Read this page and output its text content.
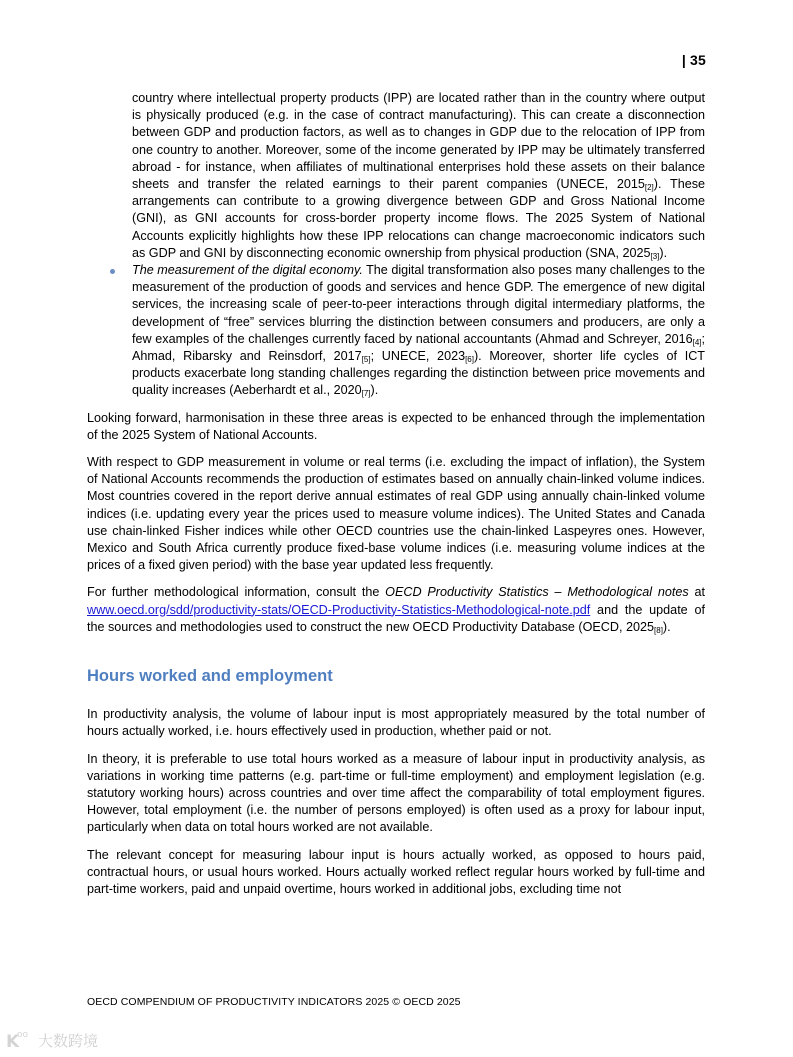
| 35

country where intellectual property products (IPP) are located rather than in the country where output is physically produced (e.g. in the case of contract manufacturing). This can create a disconnection between GDP and production factors, as well as to changes in GDP due to the relocation of IPP from one country to another. Moreover, some of the income generated by IPP may be ultimately transferred abroad - for instance, when affiliates of multinational enterprises hold these assets on their balance sheets and transfer the related earnings to their parent companies (UNECE, $2015_{[2]}$). These arrangements can contribute to a growing divergence between GDP and Gross National Income (GNI), as GNI accounts for cross-border property income flows. The 2025 System of National Accounts explicitly highlights how these IPP relocations can change macroeconomic indicators such as GDP and GNI by disconnecting economic ownership from physical production (SNA, $2025_{[3]}$).

The measurement of the digital economy. The digital transformation also poses many challenges to the measurement of the production of goods and services and hence GDP. The emergence of new digital services, the increasing scale of peer-to-peer interactions through digital intermediary platforms, the development of “free” services blurring the distinction between consumers and producers, are only a few examples of the challenges currently faced by national accountants (Ahmad and Schreyer, $2016_{[4]}$; Ahmad, Ribarsky and Reinsdorf, $2017_{[5]}$; UNECE, $2023_{[6]}$). Moreover, shorter life cycles of ICT products exacerbate long standing challenges regarding the distinction between price movements and quality increases (Aeberhardt et al., $2020_{[7]}$).

Looking forward, harmonisation in these three areas is expected to be enhanced through the implementation of the 2025 System of National Accounts.

With respect to GDP measurement in volume or real terms (i.e. excluding the impact of inflation), the System of National Accounts recommends the production of estimates based on annually chain-linked volume indices. Most countries covered in the report derive annual estimates of real GDP using annually chain-linked volume indices (i.e. updating every year the prices used to measure volume indices). The United States and Canada use chain-linked Fisher indices while other OECD countries use the chain-linked Laspeyres ones. However, Mexico and South Africa currently produce fixed-base volume indices (i.e. measuring volume indices at the prices of a fixed given period) with the base year updated less frequently.

For further methodological information, consult the OECD Productivity Statistics – Methodological notes at www.oecd.org/sdd/productivity-stats/OECD-Productivity-Statistics-Methodological-note.pdf and the update of the sources and methodologies used to construct the new OECD Productivity Database (OECD, $2025_{[8]}$).

Hours worked and employment

In productivity analysis, the volume of labour input is most appropriately measured by the total number of hours actually worked, i.e. hours effectively used in production, whether paid or not.

In theory, it is preferable to use total hours worked as a measure of labour input in productivity analysis, as variations in working time patterns (e.g. part-time or full-time employment) and employment legislation (e.g. statutory working hours) across countries and over time affect the comparability of total employment figures. However, total employment (i.e. the number of persons employed) is often used as a proxy for labour input, particularly when data on total hours worked are not available.

The relevant concept for measuring labour input is hours actually worked, as opposed to hours paid, contractual hours, or usual hours worked. Hours actually worked reflect regular hours worked by full-time and part-time workers, paid and unpaid overtime, hours worked in additional jobs, excluding time not

OECD COMPENDIUM OF PRODUCTIVITY INDICATORS 2025 © OECD 2025
K
oo 大数跨境
